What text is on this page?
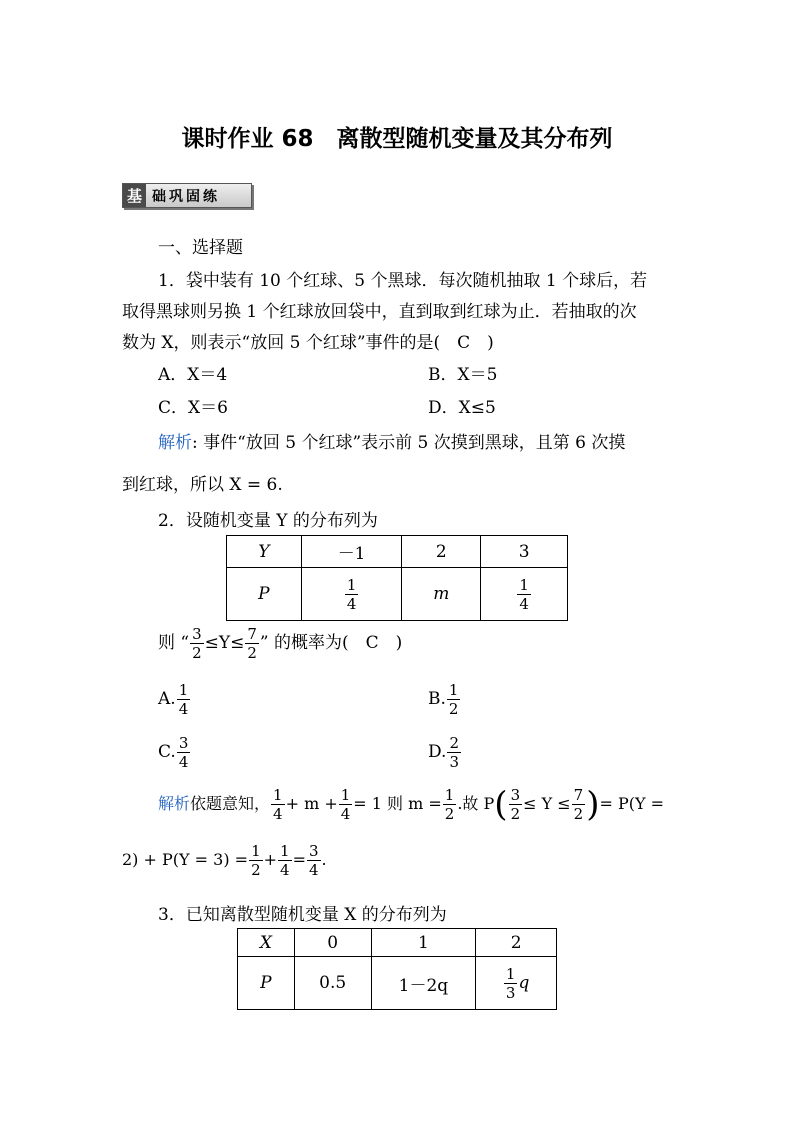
课时作业 68　离散型随机变量及其分布列
基 础巩固练
一、选择题
1．袋中装有 10 个红球、5 个黑球．每次随机抽取 1 个球后，若
取得黑球则另换 1 个红球放回袋中，直到取到红球为止．若抽取的次
数为 X，则表示“放回 5 个红球”事件的是(　C　)
A．X＝4	B．X＝5
C．X＝6	D．X≤5
解析: 事件“放回 5 个红球”表示前 5 次摸到黑球，且第 6 次摸
到红球，所以 X = 6.
2．设随机变量 Y 的分布列为
Y	－1	2	3
P	$\frac{1}{4}$	m	$\frac{1}{4}$
则 “ $\frac{3}{2} \le Y\le \frac{7}{2}$ ” 的概率为(　C　)
A. $\frac{1}{4}$	B. $\frac{1}{2}$
C. $\frac{3}{4}$	D. $\frac{2}{3}$
解析依题意知， $\frac{1}{4} + m + \frac{1}{4} = 1$ 则 $m = \frac{1}{2}$ .故 $P( \frac{3}{2} \le Y \le \frac{7}{2}$ )= P(Y =
$2) + P(Y = 3) = \frac{1}{2} + \frac{1}{4} = \frac{3}{4}$ .
3．已知离散型随机变量 X 的分布列为
X	0	1	2
P	0.5	1－2q	$\frac{1}{3}$ q
